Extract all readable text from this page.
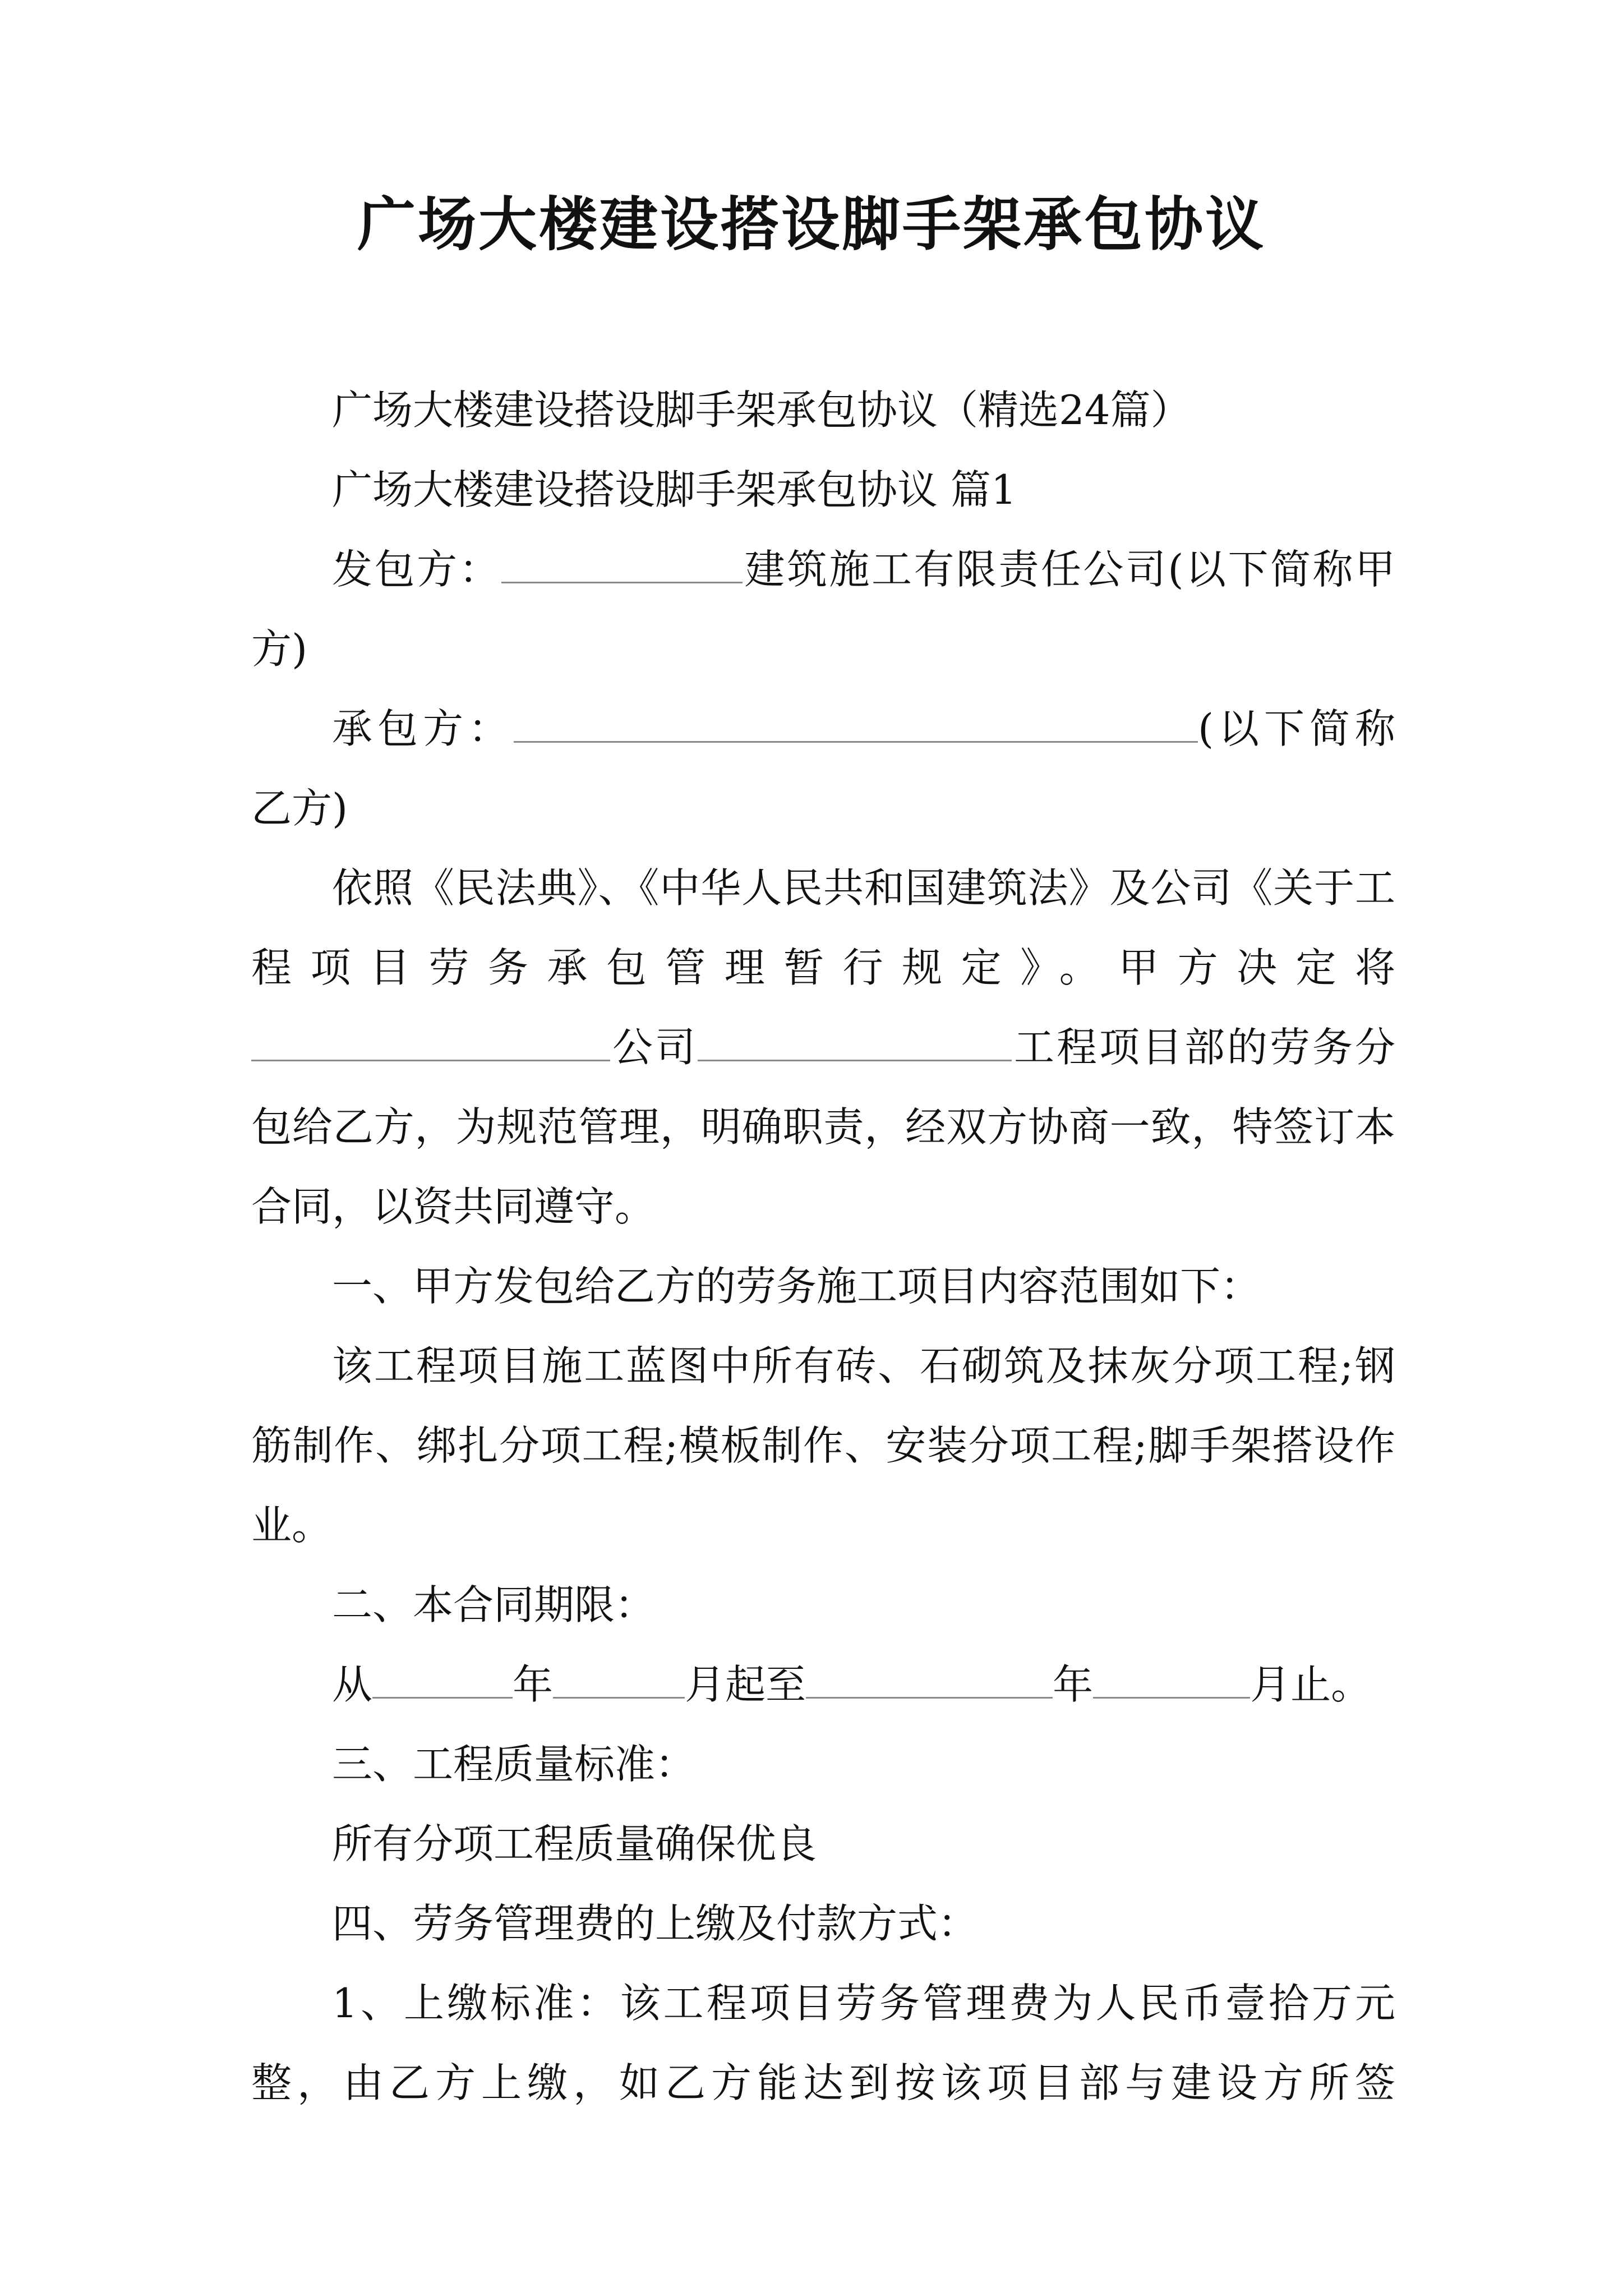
广场大楼建设搭设脚手架承包协议

广场大楼建设搭设脚手架承包协议（精选24篇）

广场大楼建设搭设脚手架承包协议 篇1

发包方：	建筑施工有限责任公司(以下简称甲方)

承包方：	(以下简称乙方)

依照《民法典》、《中华人民共和国建筑法》及公司《关于工程项目劳务承包管理暂行规定》。甲方决定将公司	工程项目部的劳务分包给乙方，为规范管理，明确职责，经双方协商一致，特签订本合同，以资共同遵守。

一、甲方发包给乙方的劳务施工项目内容范围如下：

该工程项目施工蓝图中所有砖、石砌筑及抹灰分项工程;钢筋制作、绑扎分项工程;模板制作、安装分项工程;脚手架搭设作业。

二、本合同期限：

从	年	月起至	年	月止。

三、工程质量标准：

所有分项工程质量确保优良

四、劳务管理费的上缴及付款方式：

1、上缴标准：该工程项目劳务管理费为人民币壹拾万元整，由乙方上缴，如乙方能达到按该项目部与建设方所签
